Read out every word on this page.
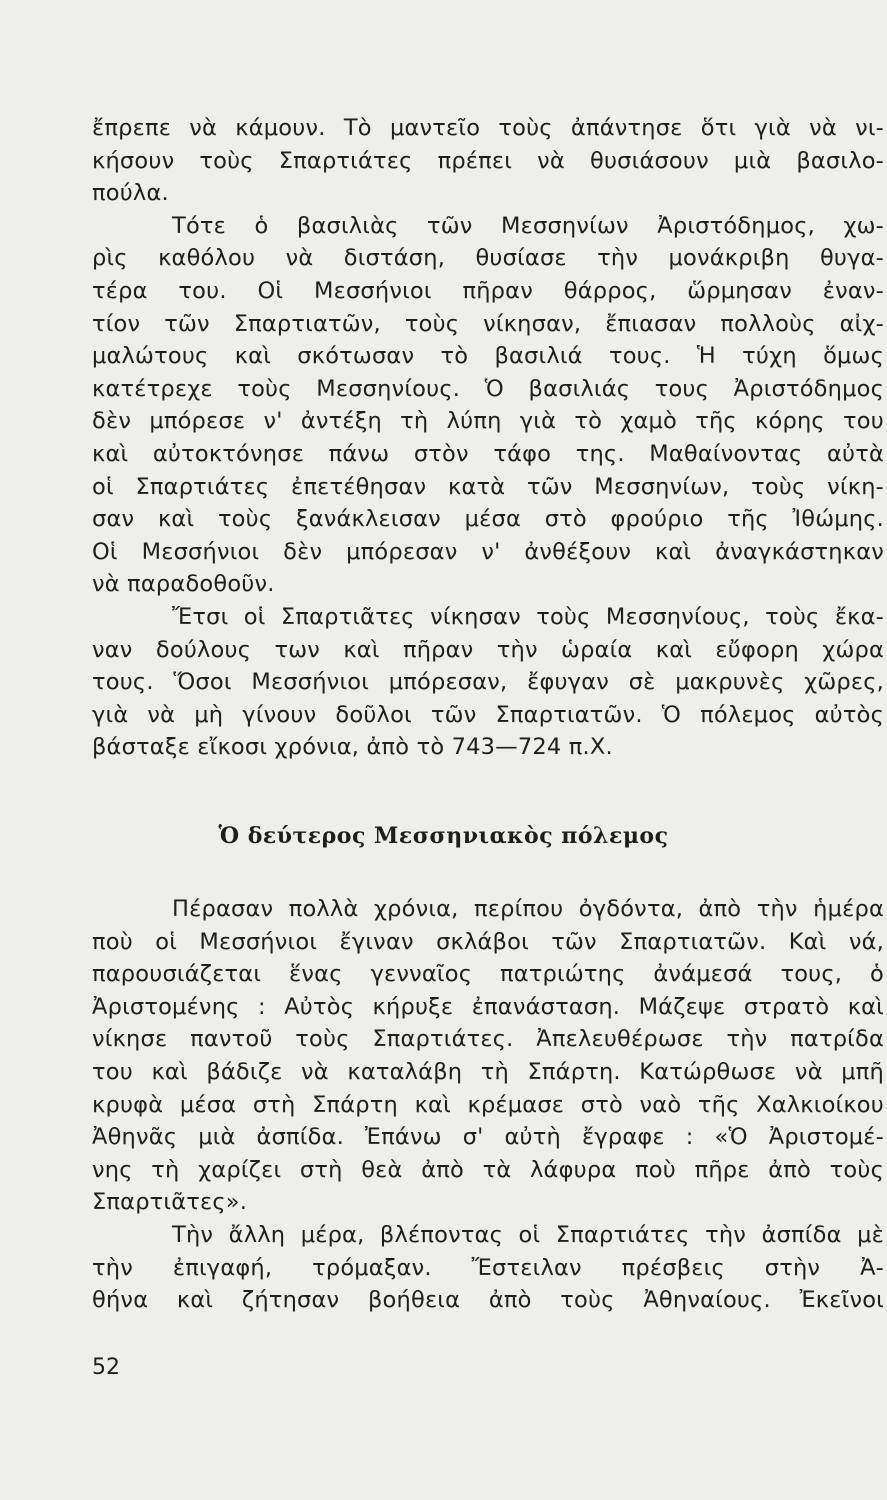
ἔπρεπε νὰ κάμουν. Τὸ μαντεῖο τοὺς ἀπάντησε ὅτι γιὰ νὰ νι-
κήσουν τοὺς Σπαρτιάτες πρέπει νὰ θυσιάσουν μιὰ βασιλο-
πούλα.
Τότε ὁ βασιλιὰς τῶν Μεσσηνίων Ἀριστόδημος, χω-
ρὶς καθόλου νὰ διστάση, θυσίασε τὴν μονάκριβη θυγα-
τέρα του. Οἱ Μεσσήνιοι πῆραν θάρρος, ὥρμησαν ἐναν-
τίον τῶν Σπαρτιατῶν, τοὺς νίκησαν, ἔπιασαν πολλοὺς αἰχ-
μαλώτους καὶ σκότωσαν τὸ βασιλιά τους. Ἡ τύχη ὅμως
κατέτρεχε τοὺς Μεσσηνίους. Ὁ βασιλιάς τους Ἀριστόδημος
δὲν μπόρεσε ν' ἀντέξη τὴ λύπη γιὰ τὸ χαμὸ τῆς κόρης του
καὶ αὐτοκτόνησε πάνω στὸν τάφο της. Μαθαίνοντας αὐτὰ
οἱ Σπαρτιάτες ἐπετέθησαν κατὰ τῶν Μεσσηνίων, τοὺς νίκη-
σαν καὶ τοὺς ξανάκλεισαν μέσα στὸ φρούριο τῆς Ἰθώμης.
Οἱ Μεσσήνιοι δὲν μπόρεσαν ν' ἀνθέξουν καὶ ἀναγκάστηκαν
νὰ παραδοθοῦν.
Ἔτσι οἱ Σπαρτιᾶτες νίκησαν τοὺς Μεσσηνίους, τοὺς ἔκα-
ναν δούλους των καὶ πῆραν τὴν ὡραία καὶ εὔφορη χώρα
τους. Ὅσοι Μεσσήνιοι μπόρεσαν, ἔφυγαν σὲ μακρυνὲς χῶρες,
γιὰ νὰ μὴ γίνουν δοῦλοι τῶν Σπαρτιατῶν. Ὁ πόλεμος αὐτὸς
βάσταξε εἴκοσι χρόνια, ἀπὸ τὸ 743—724 π.Χ.
Ὁ δεύτερος Μεσσηνιακὸς πόλεμος
Πέρασαν πολλὰ χρόνια, περίπου ὀγδόντα, ἀπὸ τὴν ἡμέρα
ποὺ οἱ Μεσσήνιοι ἔγιναν σκλάβοι τῶν Σπαρτιατῶν. Καὶ νά,
παρουσιάζεται ἕνας γενναῖος πατριώτης ἀνάμεσά τους, ὁ
Ἀριστομένης : Αὐτὸς κήρυξε ἐπανάσταση. Μάζεψε στρατὸ καὶ
νίκησε παντοῦ τοὺς Σπαρτιάτες. Ἀπελευθέρωσε τὴν πατρίδα
του καὶ βάδιζε νὰ καταλάβη τὴ Σπάρτη. Κατώρθωσε νὰ μπῆ
κρυφὰ μέσα στὴ Σπάρτη καὶ κρέμασε στὸ ναὸ τῆς Χαλκιοίκου
Ἀθηνᾶς μιὰ ἀσπίδα. Ἐπάνω σ' αὐτὴ ἔγραφε : «Ὁ Ἀριστομέ-
νης τὴ χαρίζει στὴ θεὰ ἀπὸ τὰ λάφυρα ποὺ πῆρε ἀπὸ τοὺς
Σπαρτιᾶτες».
Τὴν ἄλλη μέρα, βλέποντας οἱ Σπαρτιάτες τὴν ἀσπίδα μὲ
τὴν ἐπιγαφή, τρόμαξαν. Ἔστειλαν πρέσβεις στὴν Ἀ-
θήνα καὶ ζήτησαν βοήθεια ἀπὸ τοὺς Ἀθηναίους. Ἐκεῖνοι
52
